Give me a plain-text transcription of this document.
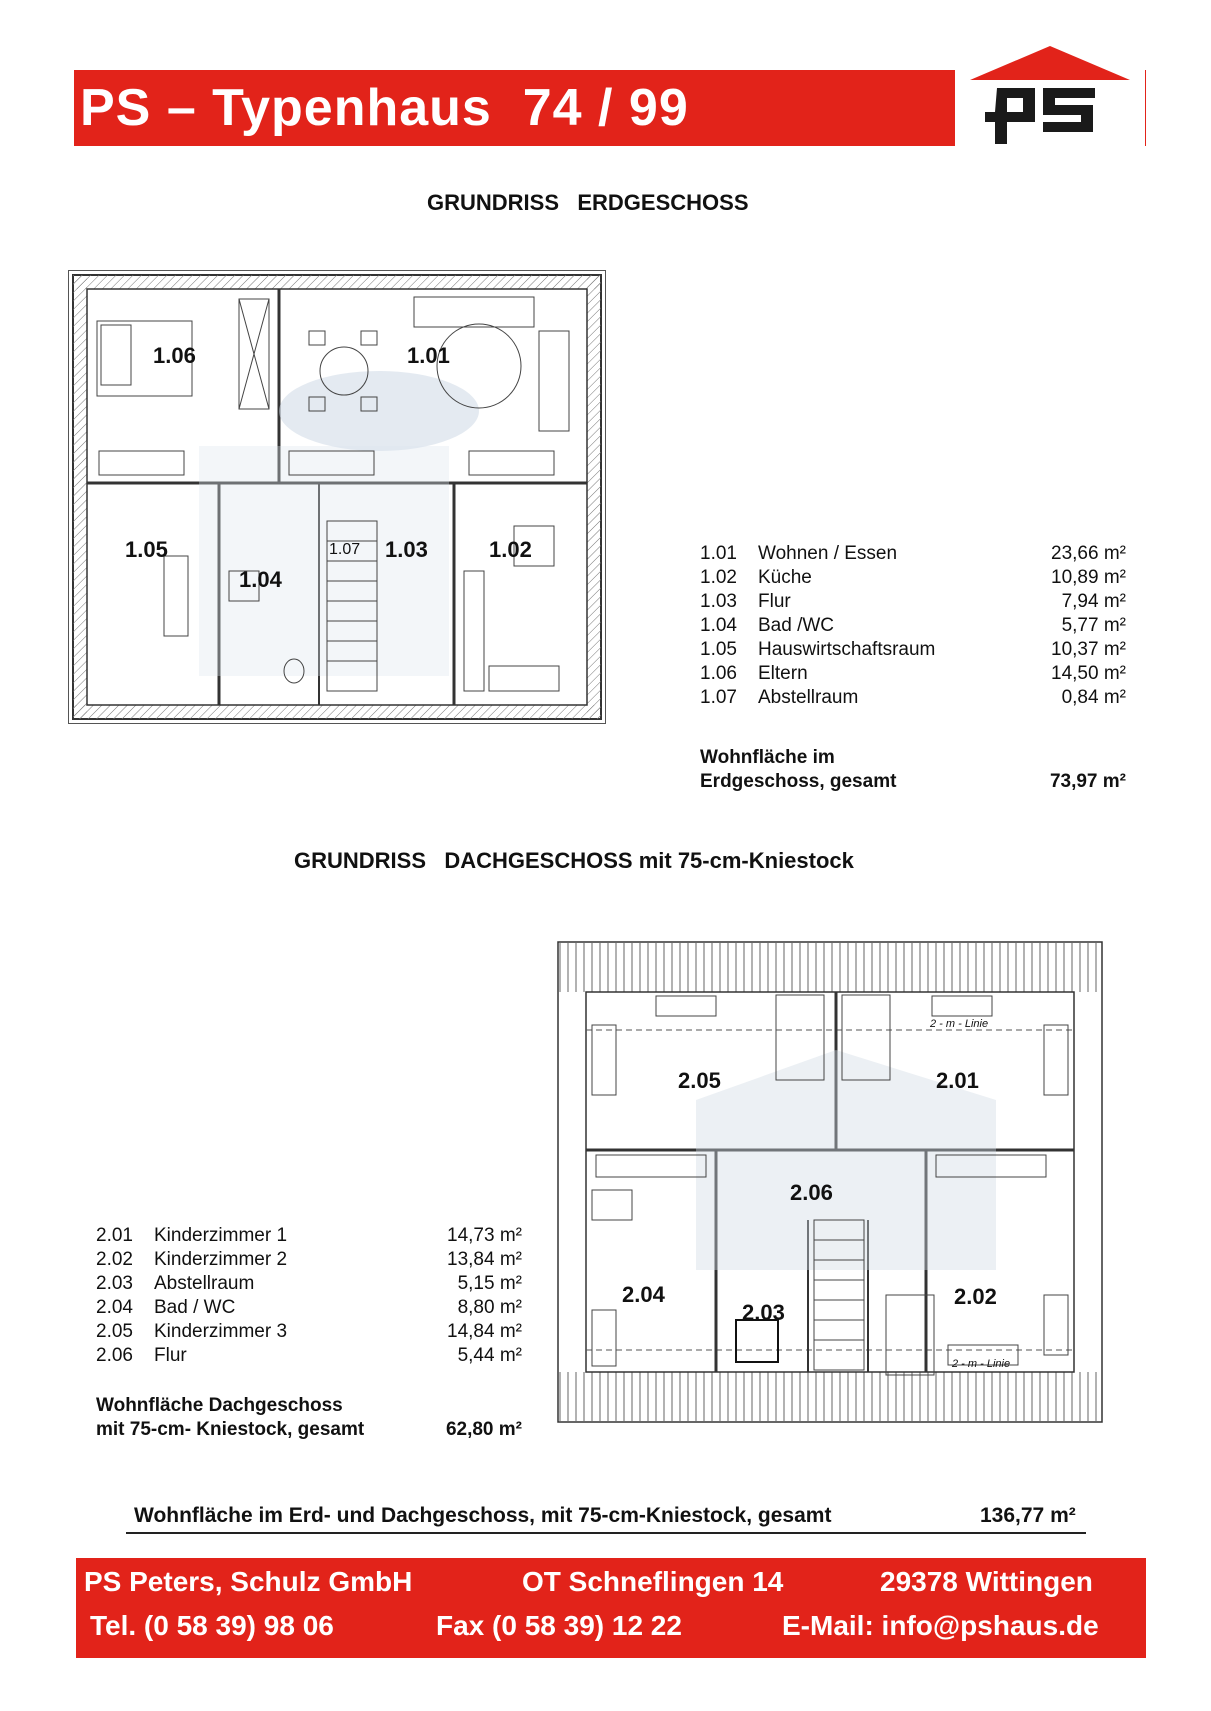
PS – Typenhaus  74 / 99
GRUNDRISS   ERDGESCHOSS
1.06	1.01
1.05
1.04
1.07 1.03	1.02	1.01	Wohnen / Essen	23,66 m²
1.02	Küche	10,89 m²
1.03	Flur	7,94 m²
1.04	Bad /WC	5,77 m²
1.05	Hauswirtschaftsraum	10,37 m²
1.06	Eltern	14,50 m²
1.07	Abstellraum	0,84 m²
Wohnfläche im
Erdgeschoss, gesamt	73,97 m²
GRUNDRISS   DACHGESCHOSS mit 75-cm-Kniestock
2.05	2.01
2.06
2.04
2.03
2.02
2 - m - Linie
2 - m - Linie
2.01	Kinderzimmer 1	14,73 m²
2.02	Kinderzimmer 2	13,84 m²
2.03	Abstellraum	5,15 m²
2.04	Bad / WC	8,80 m²
2.05	Kinderzimmer 3	14,84 m²
2.06	Flur	5,44 m²
Wohnfläche Dachgeschoss
mit 75-cm- Kniestock, gesamt	62,80 m²
Wohnfläche im Erd- und Dachgeschoss, mit 75-cm-Kniestock, gesamt	136,77 m²
PS Peters, Schulz GmbH	OT Schneflingen 14	29378 Wittingen
Tel. (0 58 39) 98 06	Fax (0 58 39) 12 22	E-Mail: info@pshaus.de
